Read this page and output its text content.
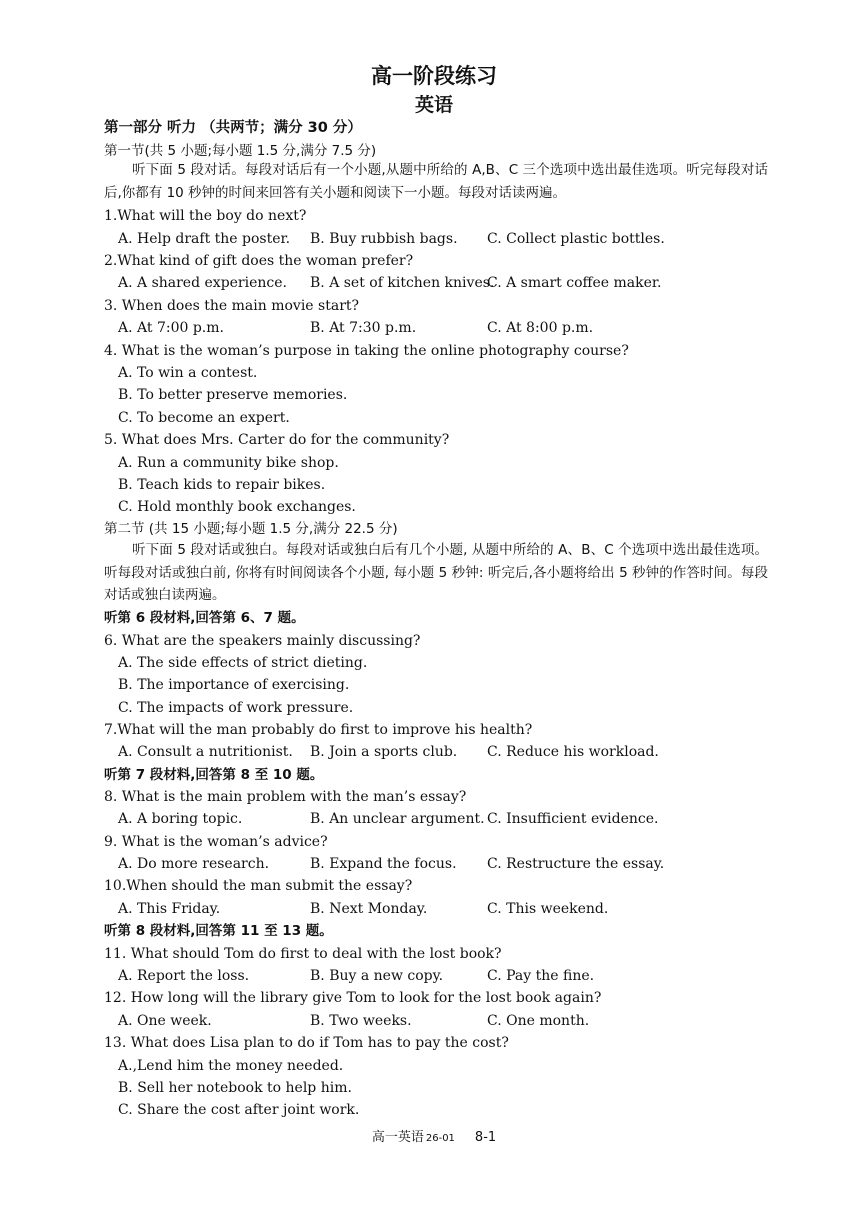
高一阶段练习
英语
第一部分 听力 （共两节；满分 30 分）
第一节(共 5 小题;每小题 1.5 分,满分 7.5 分)
听下面 5 段对话。每段对话后有一个小题,从题中所给的 A,B、C 三个选项中选出最佳选项。听完每段对话后,你都有 10 秒钟的时间来回答有关小题和阅读下一小题。每段对话读两遍。
1.What will the boy do next?
A. Help draft the poster. B. Buy rubbish bags. C. Collect plastic bottles.
2.What kind of gift does the woman prefer?
A. A shared experience. B. A set of kitchen knives.
C. A smart coffee maker.
3. When does the main movie start?
A. At 7:00 p.m.	B. At 7:30 p.m.	C. At 8:00 p.m.
4. What is the woman’s purpose in taking the online photography course?
A. To win a contest.
B. To better preserve memories.
C. To become an expert.
5. What does Mrs. Carter do for the community?
A. Run a community bike shop.
B. Teach kids to repair bikes.
C. Hold monthly book exchanges.
第二节 (共 15 小题;每小题 1.5 分,满分 22.5 分)
听下面 5 段对话或独白。每段对话或独白后有几个小题, 从题中所给的 A、B、C 个选项中选出最佳选项。听每段对话或独白前, 你将有时间阅读各个小题, 每小题 5 秒钟: 听完后,各小题将给出 5 秒钟的作答时间。每段对话或独白读两遍。
听第 6 段材料,回答第 6、7 题。
6. What are the speakers mainly discussing?
A. The side effects of strict dieting.
B. The importance of exercising.
C. The impacts of work pressure.
7.What will the man probably do first to improve his health?
A. Consult a nutritionist. B. Join a sports club. C. Reduce his workload.
听第 7 段材料,回答第 8 至 10 题。
8. What is the main problem with the man’s essay?
A. A boring topic.	B. An unclear argument. C. Insufficient evidence.
9. What is the woman’s advice?
A. Do more research.	B. Expand the focus. C. Restructure the essay.
10.When should the man submit the essay?
A. This Friday.	B. Next Monday.	C. This weekend.
听第 8 段材料,回答第 11 至 13 题。
11. What should Tom do first to deal with the lost book?
A. Report the loss.	B. Buy a new copy.	C. Pay the fine.
12. How long will the library give Tom to look for the lost book again?
A. One week.	B. Two weeks.	C. One month.
13. What does Lisa plan to do if Tom has to pay the cost?
A.‚Lend him the money needed.
B. Sell her notebook to help him.
C. Share the cost after joint work.
高一英语 26-01 8-1
